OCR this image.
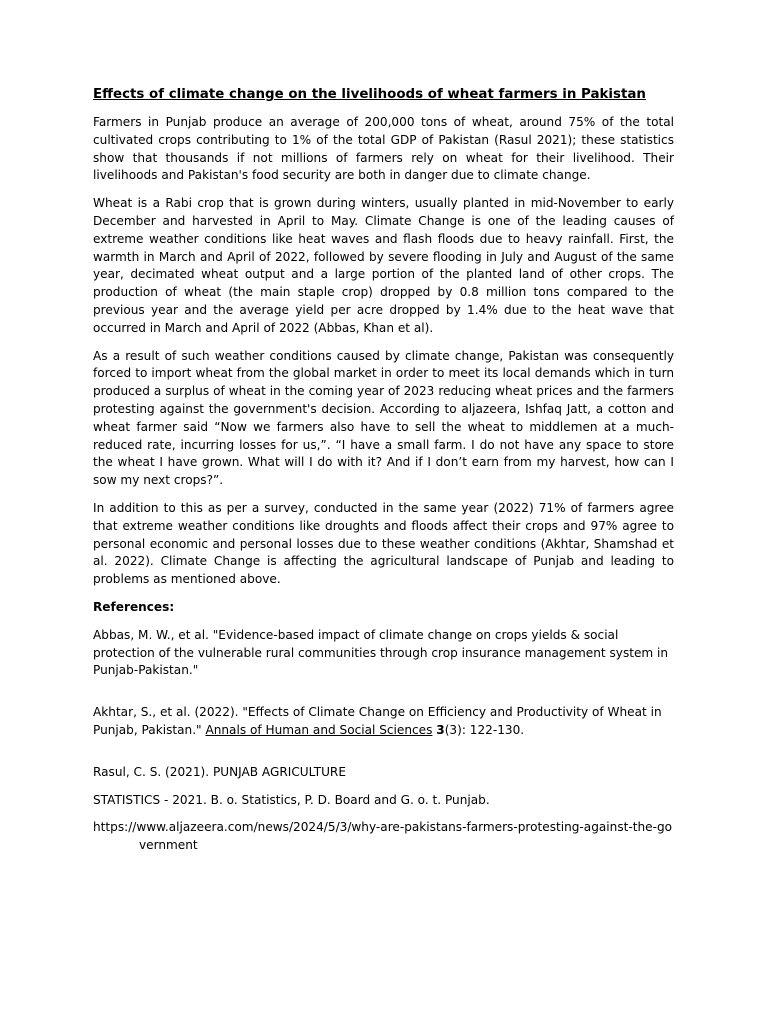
Effects of climate change on the livelihoods of wheat farmers in Pakistan

Farmers in Punjab produce an average of 200,000 tons of wheat, around 75% of the total cultivated crops contributing to 1% of the total GDP of Pakistan (Rasul 2021); these statistics show that thousands if not millions of farmers rely on wheat for their livelihood. Their livelihoods and Pakistan's food security are both in danger due to climate change.

Wheat is a Rabi crop that is grown during winters, usually planted in mid-November to early December and harvested in April to May. Climate Change is one of the leading causes of extreme weather conditions like heat waves and flash floods due to heavy rainfall. First, the warmth in March and April of 2022, followed by severe flooding in July and August of the same year, decimated wheat output and a large portion of the planted land of other crops. The production of wheat (the main staple crop) dropped by 0.8 million tons compared to the previous year and the average yield per acre dropped by 1.4% due to the heat wave that occurred in March and April of 2022 (Abbas, Khan et al).

As a result of such weather conditions caused by climate change, Pakistan was consequently forced to import wheat from the global market in order to meet its local demands which in turn produced a surplus of wheat in the coming year of 2023 reducing wheat prices and the farmers protesting against the government's decision. According to aljazeera, Ishfaq Jatt, a cotton and wheat farmer said “Now we farmers also have to sell the wheat to middlemen at a much-reduced rate, incurring losses for us,”. “I have a small farm. I do not have any space to store the wheat I have grown. What will I do with it? And if I don’t earn from my harvest, how can I sow my next crops?”.

In addition to this as per a survey, conducted in the same year (2022) 71% of farmers agree that extreme weather conditions like droughts and floods affect their crops and 97% agree to personal economic and personal losses due to these weather conditions (Akhtar, Shamshad et al. 2022). Climate Change is affecting the agricultural landscape of Punjab and leading to problems as mentioned above.

References:
Abbas, M. W., et al. "Evidence-based impact of climate change on crops yields & social protection of the vulnerable rural communities through crop insurance management system in Punjab-Pakistan."
Akhtar, S., et al. (2022). "Effects of Climate Change on Efficiency and Productivity of Wheat in Punjab, Pakistan." Annals of Human and Social Sciences 3(3): 122-130.
Rasul, C. S. (2021). PUNJAB AGRICULTURE
STATISTICS - 2021. B. o. Statistics, P. D. Board and G. o. t. Punjab.
https://www.aljazeera.com/news/2024/5/3/why-are-pakistans-farmers-protesting-against-the-government
